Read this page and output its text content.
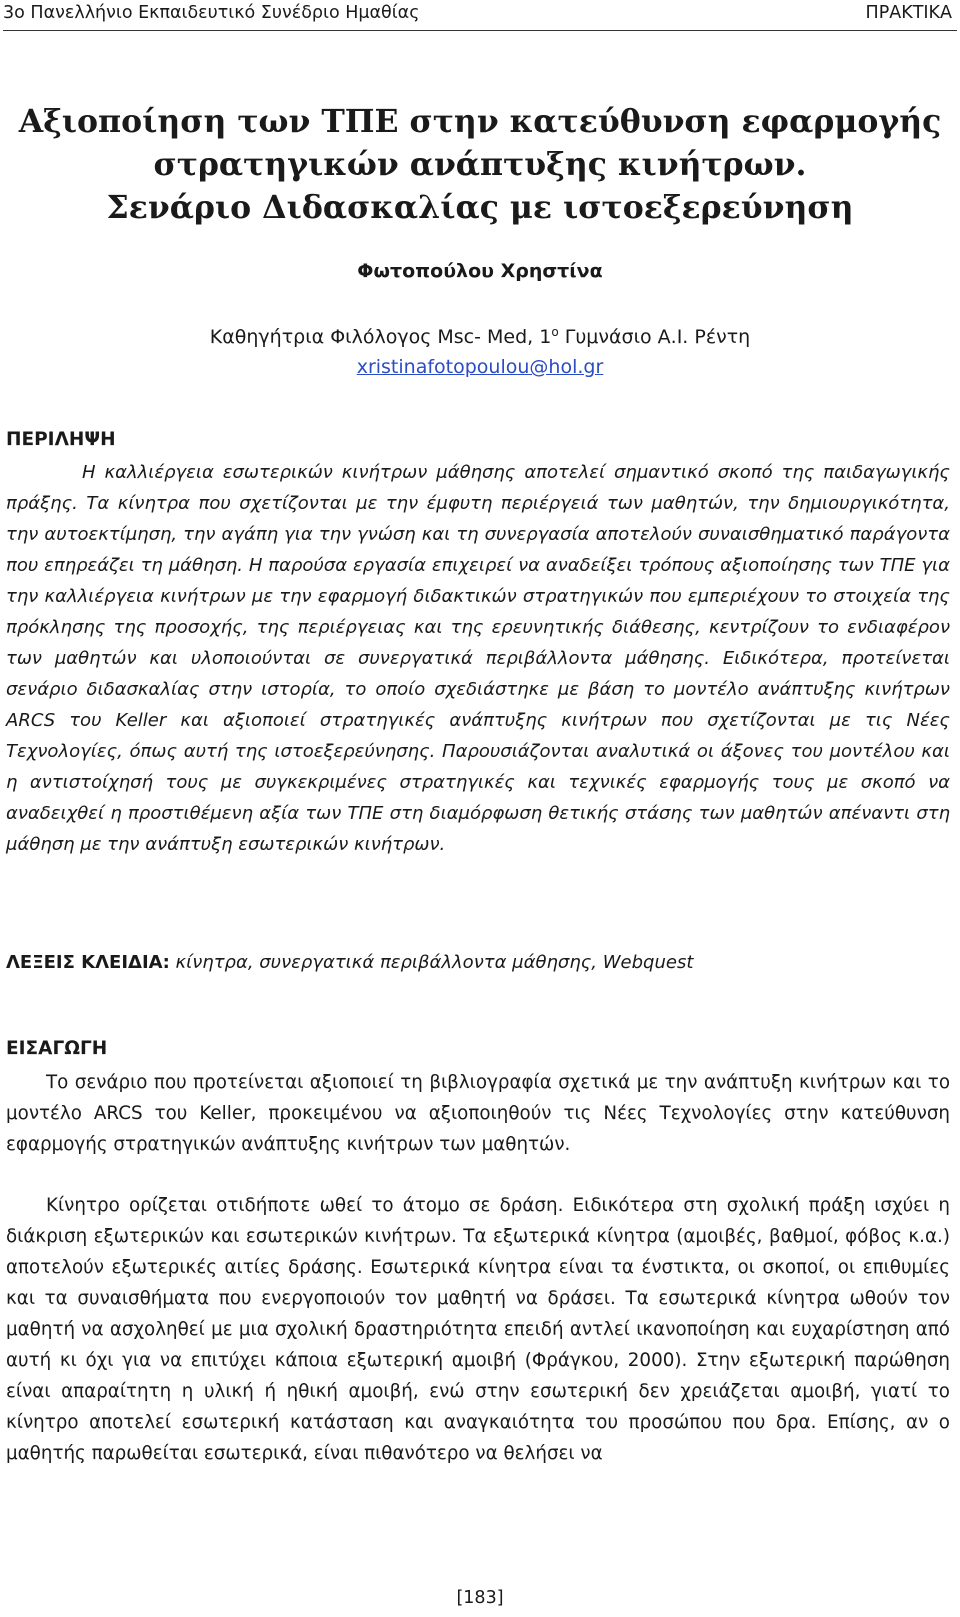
3ο Πανελλήνιο Εκπαιδευτικό Συνέδριο Ημαθίας	ΠΡΑΚΤΙΚΑ
Αξιοποίηση των ΤΠΕ στην κατεύθυνση εφαρμογής
στρατηγικών ανάπτυξης κινήτρων.
Σενάριο Διδασκαλίας με ιστοεξερεύνηση
Φωτοπούλου Χρηστίνα
Καθηγήτρια Φιλόλογος Msc- Med, $1^o$ Γυμνάσιο Α.Ι. Ρέντη
xristinafotopoulou@hol.gr
ΠΕΡΙΛΗΨΗ
Η καλλιέργεια εσωτερικών κινήτρων μάθησης αποτελεί σημαντικό σκοπό της παιδαγωγικής πράξης. Τα κίνητρα που σχετίζονται με την έμφυτη περιέργειά των μαθητών, την δημιουργικότητα, την αυτοεκτίμηση, την αγάπη για την γνώση και τη συνεργασία αποτελούν συναισθηματικό παράγοντα που επηρεάζει τη μάθηση. Η παρούσα εργασία επιχειρεί να αναδείξει τρόπους αξιοποίησης των ΤΠΕ για την καλλιέργεια κινήτρων με την εφαρμογή διδακτικών στρατηγικών που εμπεριέχουν το στοιχεία της πρόκλησης της προσοχής, της περιέργειας και της ερευνητικής διάθεσης, κεντρίζουν το ενδιαφέρον των μαθητών και υλοποιούνται σε συνεργατικά περιβάλλοντα μάθησης. Ειδικότερα, προτείνεται σενάριο διδασκαλίας στην ιστορία, το οποίο σχεδιάστηκε με βάση το μοντέλο ανάπτυξης κινήτρων ARCS του Keller και αξιοποιεί στρατηγικές ανάπτυξης κινήτρων που σχετίζονται με τις Νέες Τεχνολογίες, όπως αυτή της ιστοεξερεύνησης. Παρουσιάζονται αναλυτικά οι άξονες του μοντέλου και η αντιστοίχησή τους με συγκεκριμένες στρατηγικές και τεχνικές εφαρμογής τους με σκοπό να αναδειχθεί η προστιθέμενη αξία των ΤΠΕ στη διαμόρφωση θετικής στάσης των μαθητών απέναντι στη μάθηση με την ανάπτυξη εσωτερικών κινήτρων.
ΛΕΞΕΙΣ ΚΛΕΙΔΙΑ: κίνητρα, συνεργατικά περιβάλλοντα μάθησης, Webquest
ΕΙΣΑΓΩΓΗ
Το σενάριο που προτείνεται αξιοποιεί τη βιβλιογραφία σχετικά με την ανάπτυξη κινήτρων και το μοντέλο ARCS του Keller, προκειμένου να αξιοποιηθούν τις Νέες Τεχνολογίες στην κατεύθυνση εφαρμογής στρατηγικών ανάπτυξης κινήτρων των μαθητών.
Κίνητρο ορίζεται οτιδήποτε ωθεί το άτομο σε δράση. Ειδικότερα στη σχολική πράξη ισχύει η διάκριση εξωτερικών και εσωτερικών κινήτρων. Τα εξωτερικά κίνητρα (αμοιβές, βαθμοί, φόβος κ.α.) αποτελούν εξωτερικές αιτίες δράσης. Εσωτερικά κίνητρα είναι τα ένστικτα, οι σκοποί, οι επιθυμίες και τα συναισθήματα που ενεργοποιούν τον μαθητή να δράσει. Τα εσωτερικά κίνητρα ωθούν τον μαθητή να ασχοληθεί με μια σχολική δραστηριότητα επειδή αντλεί ικανοποίηση και ευχαρίστηση από αυτή κι όχι για να επιτύχει κάποια εξωτερική αμοιβή (Φράγκου, 2000). Στην εξωτερική παρώθηση είναι απαραίτητη η υλική ή ηθική αμοιβή, ενώ στην εσωτερική δεν χρειάζεται αμοιβή, γιατί το κίνητρο αποτελεί εσωτερική κατάσταση και αναγκαιότητα του προσώπου που δρα. Επίσης, αν ο μαθητής παρωθείται εσωτερικά, είναι πιθανότερο να θελήσει να
[183]
